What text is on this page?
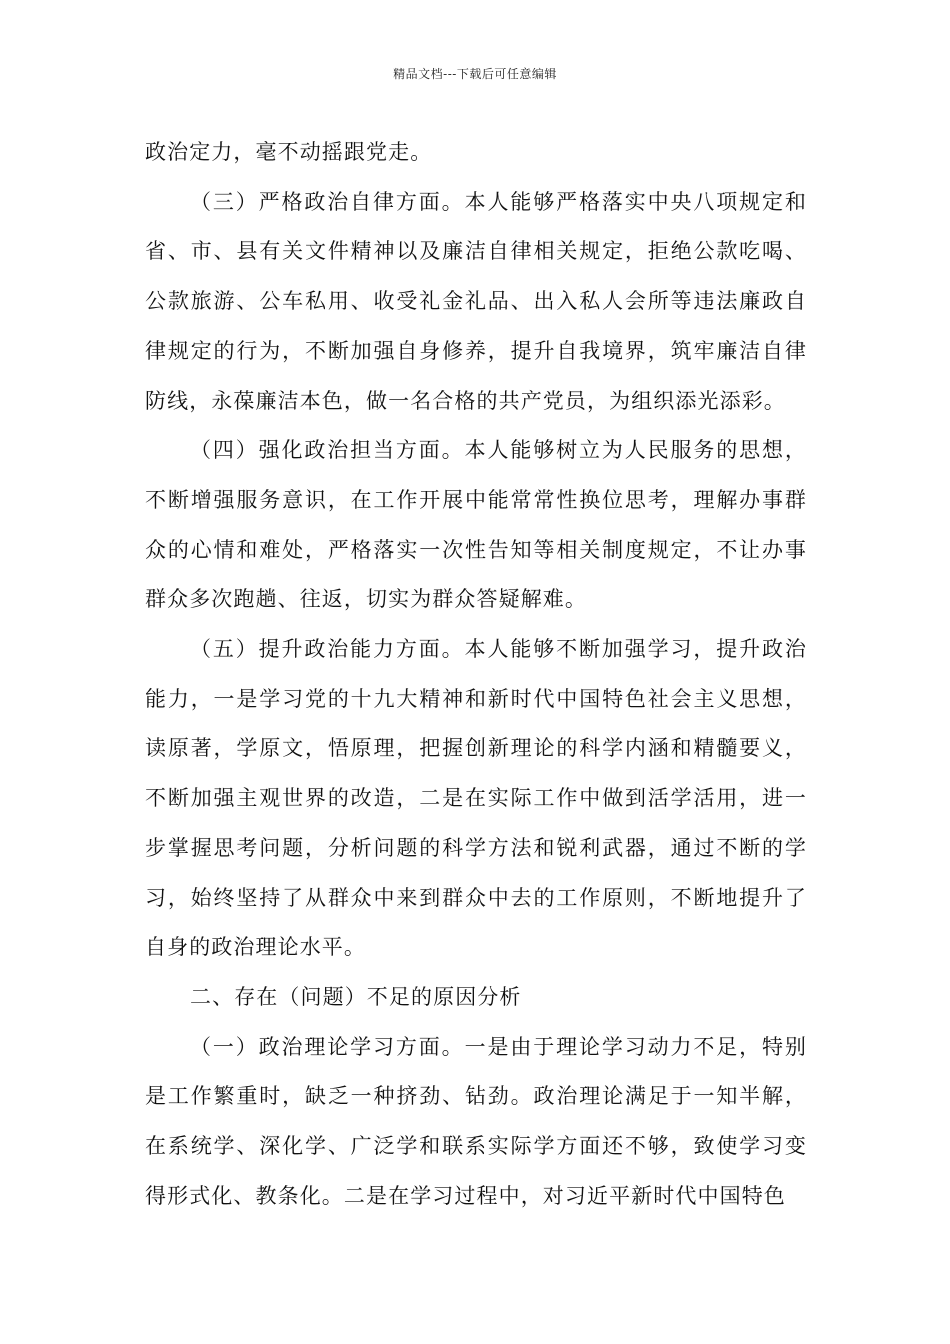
精品文档---下载后可任意编辑

政治定力，毫不动摇跟党走。

（三）严格政治自律方面。本人能够严格落实中央八项规定和省、市、县有关文件精神以及廉洁自律相关规定，拒绝公款吃喝、公款旅游、公车私用、收受礼金礼品、出入私人会所等违法廉政自律规定的行为，不断加强自身修养，提升自我境界，筑牢廉洁自律防线，永葆廉洁本色，做一名合格的共产党员，为组织添光添彩。

（四）强化政治担当方面。本人能够树立为人民服务的思想，不断增强服务意识，在工作开展中能常常性换位思考，理解办事群众的心情和难处，严格落实一次性告知等相关制度规定，不让办事群众多次跑趟、往返，切实为群众答疑解难。

（五）提升政治能力方面。本人能够不断加强学习，提升政治能力，一是学习党的十九大精神和新时代中国特色社会主义思想，读原著，学原文，悟原理，把握创新理论的科学内涵和精髓要义，不断加强主观世界的改造，二是在实际工作中做到活学活用，进一步掌握思考问题，分析问题的科学方法和锐利武器，通过不断的学习，始终坚持了从群众中来到群众中去的工作原则，不断地提升了自身的政治理论水平。

二、存在（问题）不足的原因分析

（一）政治理论学习方面。一是由于理论学习动力不足，特别是工作繁重时，缺乏一种挤劲、钻劲。政治理论满足于一知半解，在系统学、深化学、广泛学和联系实际学方面还不够，致使学习变得形式化、教条化。二是在学习过程中，对习近平新时代中国特色
